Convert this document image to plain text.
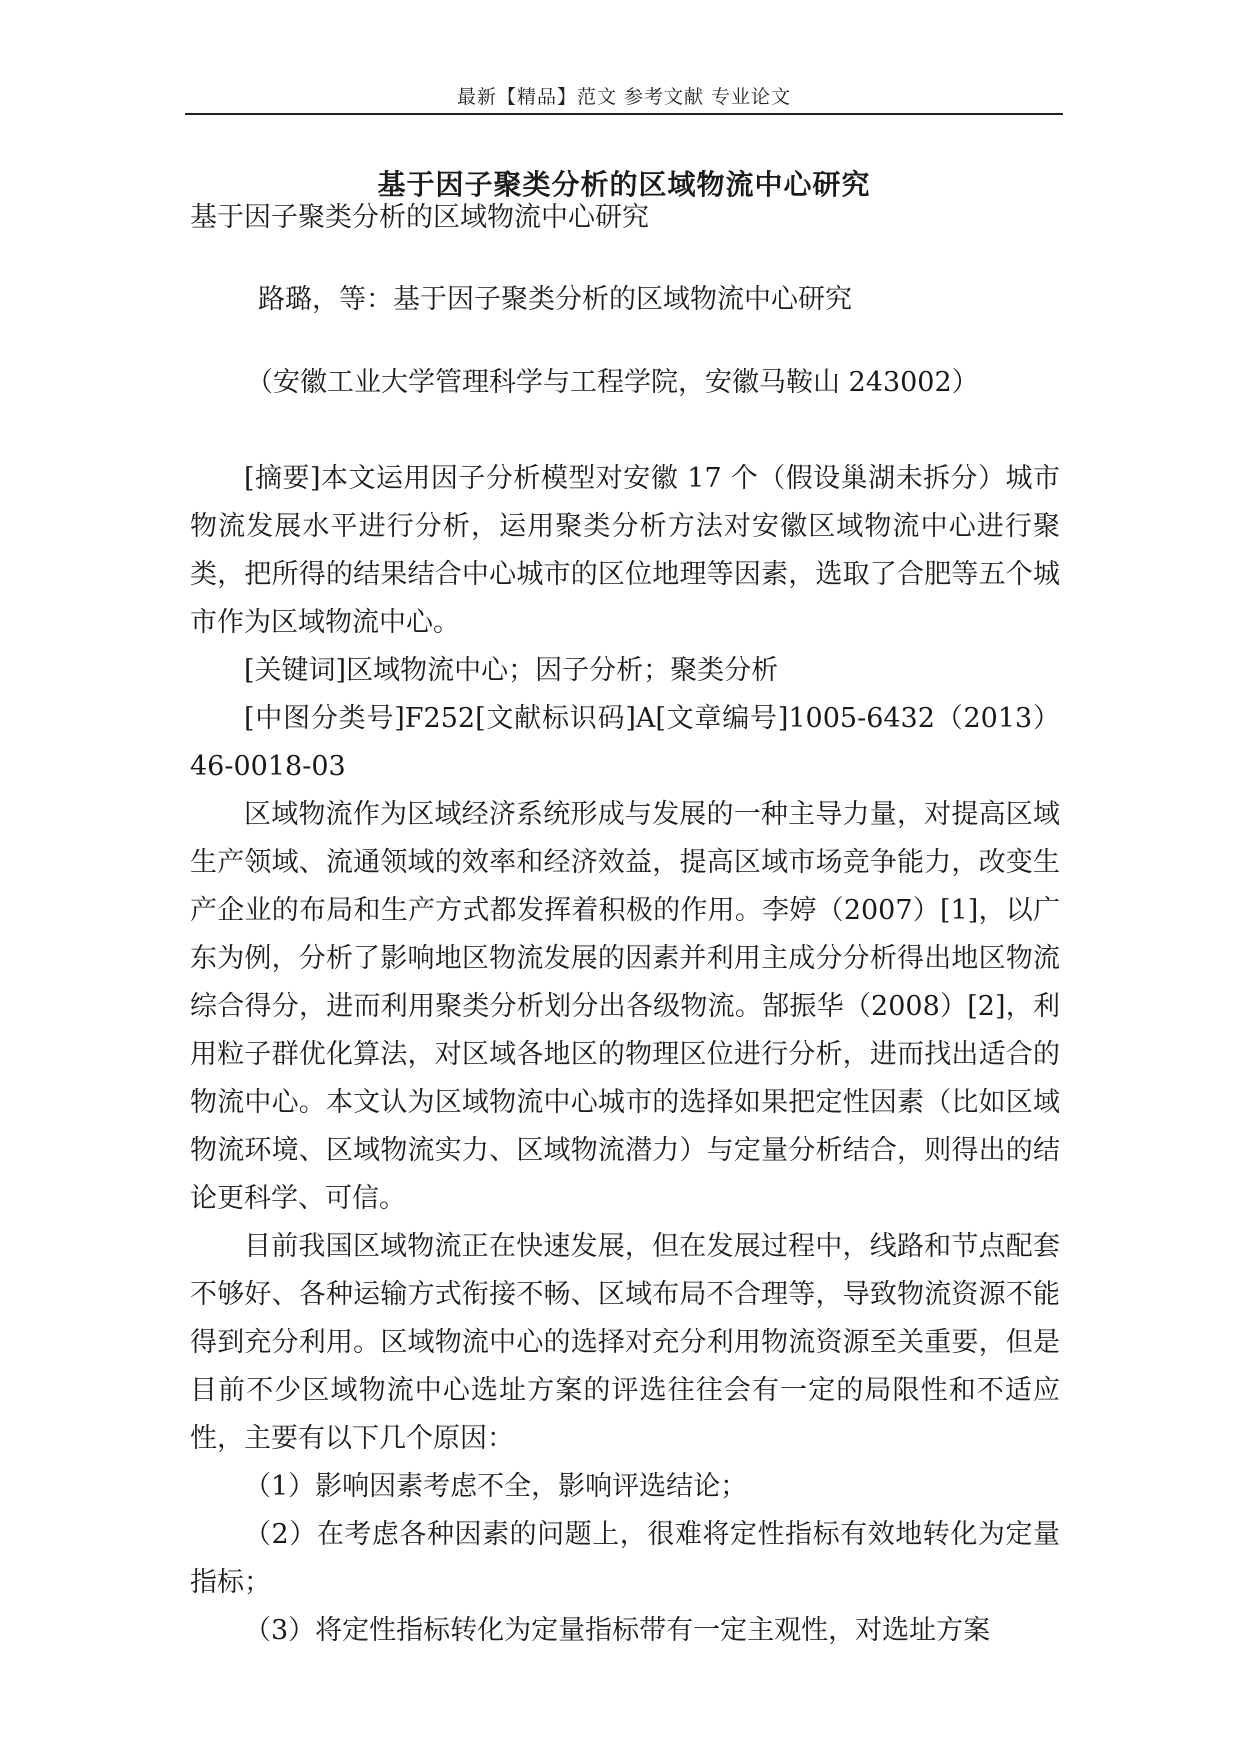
最新【精品】范文 参考文献 专业论文
基于因子聚类分析的区域物流中心研究
基于因子聚类分析的区域物流中心研究
路璐，等：基于因子聚类分析的区域物流中心研究
（安徽工业大学管理科学与工程学院，安徽马鞍山 243002）

[摘要]本文运用因子分析模型对安徽 17 个（假设巢湖未拆分）城市物流发展水平进行分析，运用聚类分析方法对安徽区域物流中心进行聚类，把所得的结果结合中心城市的区位地理等因素，选取了合肥等五个城市作为区域物流中心。

[关键词]区域物流中心；因子分析；聚类分析

[中图分类号]F252[文献标识码]A[文章编号]1005-6432（2013）46-0018-03

区域物流作为区域经济系统形成与发展的一种主导力量，对提高区域生产领域、流通领域的效率和经济效益，提高区域市场竞争能力，改变生产企业的布局和生产方式都发挥着积极的作用。李婷（2007）[1]，以广东为例，分析了影响地区物流发展的因素并利用主成分分析得出地区物流综合得分，进而利用聚类分析划分出各级物流。郜振华（2008）[2]，利用粒子群优化算法，对区域各地区的物理区位进行分析，进而找出适合的物流中心。本文认为区域物流中心城市的选择如果把定性因素（比如区域物流环境、区域物流实力、区域物流潜力）与定量分析结合，则得出的结论更科学、可信。

目前我国区域物流正在快速发展，但在发展过程中，线路和节点配套不够好、各种运输方式衔接不畅、区域布局不合理等，导致物流资源不能得到充分利用。区域物流中心的选择对充分利用物流资源至关重要，但是目前不少区域物流中心选址方案的评选往往会有一定的局限性和不适应性，主要有以下几个原因：

（1）影响因素考虑不全，影响评选结论；

（2）在考虑各种因素的问题上，很难将定性指标有效地转化为定量指标；

（3）将定性指标转化为定量指标带有一定主观性，对选址方案
